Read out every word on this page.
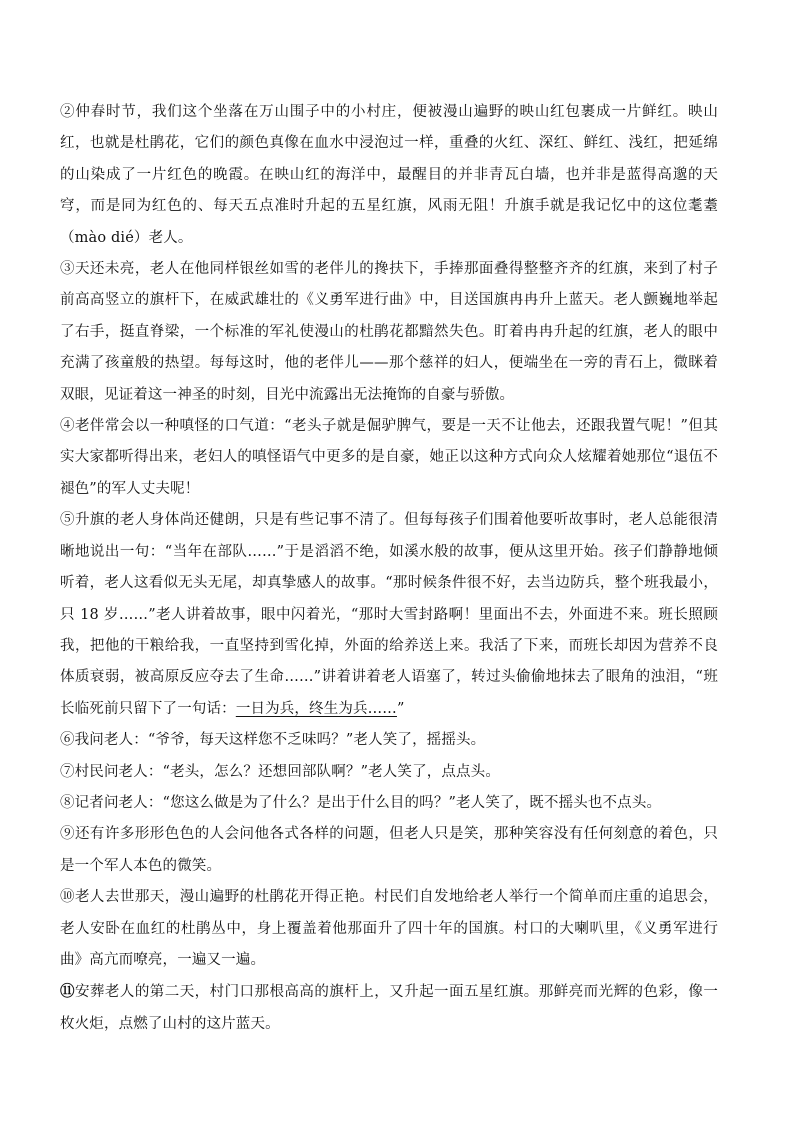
②仲春时节，我们这个坐落在万山围子中的小村庄，便被漫山遍野的映山红包裹成一片鲜红。映山红，也就是杜鹃花，它们的颜色真像在血水中浸泡过一样，重叠的火红、深红、鲜红、浅红，把延绵的山染成了一片红色的晚霞。在映山红的海洋中，最醒目的并非青瓦白墙，也并非是蓝得高邈的天穹，而是同为红色的、每天五点准时升起的五星红旗，风雨无阻！升旗手就是我记忆中的这位耄耋（mào dié）老人。

③天还未亮，老人在他同样银丝如雪的老伴儿的搀扶下，手捧那面叠得整整齐齐的红旗，来到了村子前高高竖立的旗杆下，在威武雄壮的《义勇军进行曲》中，目送国旗冉冉升上蓝天。老人颤巍地举起了右手，挺直脊梁，一个标准的军礼使漫山的杜鹃花都黯然失色。盯着冉冉升起的红旗，老人的眼中充满了孩童般的热望。每每这时，他的老伴儿——那个慈祥的妇人，便端坐在一旁的青石上，微眯着双眼，见证着这一神圣的时刻，目光中流露出无法掩饰的自豪与骄傲。

④老伴常会以一种嗔怪的口气道：“老头子就是倔驴脾气，要是一天不让他去，还跟我置气呢！”但其实大家都听得出来，老妇人的嗔怪语气中更多的是自豪，她正以这种方式向众人炫耀着她那位“退伍不褪色”的军人丈夫呢！

⑤升旗的老人身体尚还健朗，只是有些记事不清了。但每每孩子们围着他要听故事时，老人总能很清晰地说出一句：“当年在部队……”于是滔滔不绝，如溪水般的故事，便从这里开始。孩子们静静地倾听着，老人这看似无头无尾，却真挚感人的故事。“那时候条件很不好，去当边防兵，整个班我最小，只 18 岁……”老人讲着故事，眼中闪着光，“那时大雪封路啊！里面出不去，外面进不来。班长照顾我，把他的干粮给我，一直坚持到雪化掉，外面的给养送上来。我活了下来，而班长却因为营养不良体质衰弱，被高原反应夺去了生命……”讲着讲着老人语塞了，转过头偷偷地抹去了眼角的浊泪，“班长临死前只留下了一句话：一日为兵，终生为兵……”

⑥我问老人：“爷爷，每天这样您不乏味吗？”老人笑了，摇摇头。

⑦村民问老人：“老头，怎么？还想回部队啊？”老人笑了，点点头。

⑧记者问老人：“您这么做是为了什么？是出于什么目的吗？”老人笑了，既不摇头也不点头。

⑨还有许多形形色色的人会问他各式各样的问题，但老人只是笑，那种笑容没有任何刻意的着色，只是一个军人本色的微笑。

⑩老人去世那天，漫山遍野的杜鹃花开得正艳。村民们自发地给老人举行一个简单而庄重的追思会，老人安卧在血红的杜鹃丛中，身上覆盖着他那面升了四十年的国旗。村口的大喇叭里，《义勇军进行曲》高亢而嘹亮，一遍又一遍。

⑪安葬老人的第二天，村门口那根高高的旗杆上，又升起一面五星红旗。那鲜亮而光辉的色彩，像一枚火炬，点燃了山村的这片蓝天。
